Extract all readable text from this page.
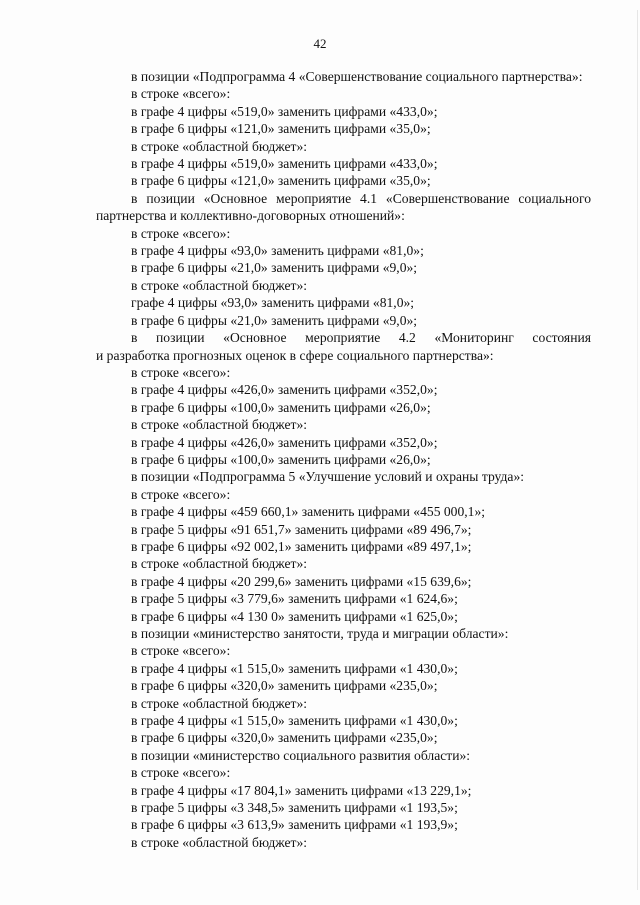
42
в позиции «Подпрограмма 4 «Совершенствование социального партнерства»:
в строке «всего»:
в графе 4 цифры «519,0» заменить цифрами «433,0»;
в графе 6 цифры «121,0» заменить цифрами «35,0»;
в строке «областной бюджет»:
в графе 4 цифры «519,0» заменить цифрами «433,0»;
в графе 6 цифры «121,0» заменить цифрами «35,0»;
в позиции «Основное мероприятие 4.1 «Совершенствование социального
партнерства и коллективно-договорных отношений»:
в строке «всего»:
в графе 4 цифры «93,0» заменить цифрами «81,0»;
в графе 6 цифры «21,0» заменить цифрами «9,0»;
в строке «областной бюджет»:
графе 4 цифры «93,0» заменить цифрами «81,0»;
в графе 6 цифры «21,0» заменить цифрами «9,0»;
в позиции «Основное мероприятие 4.2 «Мониторинг состояния
и разработка прогнозных оценок в сфере социального партнерства»:
в строке «всего»:
в графе 4 цифры «426,0» заменить цифрами «352,0»;
в графе 6 цифры «100,0» заменить цифрами «26,0»;
в строке «областной бюджет»:
в графе 4 цифры «426,0» заменить цифрами «352,0»;
в графе 6 цифры «100,0» заменить цифрами «26,0»;
в позиции «Подпрограмма 5 «Улучшение условий и охраны труда»:
в строке «всего»:
в графе 4 цифры «459 660,1» заменить цифрами «455 000,1»;
в графе 5 цифры «91 651,7» заменить цифрами «89 496,7»;
в графе 6 цифры «92 002,1» заменить цифрами «89 497,1»;
в строке «областной бюджет»:
в графе 4 цифры «20 299,6» заменить цифрами «15 639,6»;
в графе 5 цифры «3 779,6» заменить цифрами «1 624,6»;
в графе 6 цифры «4 130 0» заменить цифрами «1 625,0»;
в позиции «министерство занятости, труда и миграции области»:
в строке «всего»:
в графе 4 цифры «1 515,0» заменить цифрами «1 430,0»;
в графе 6 цифры «320,0» заменить цифрами «235,0»;
в строке «областной бюджет»:
в графе 4 цифры «1 515,0» заменить цифрами «1 430,0»;
в графе 6 цифры «320,0» заменить цифрами «235,0»;
в позиции «министерство социального развития области»:
в строке «всего»:
в графе 4 цифры «17 804,1» заменить цифрами «13 229,1»;
в графе 5 цифры «3 348,5» заменить цифрами «1 193,5»;
в графе 6 цифры «3 613,9» заменить цифрами «1 193,9»;
в строке «областной бюджет»:
